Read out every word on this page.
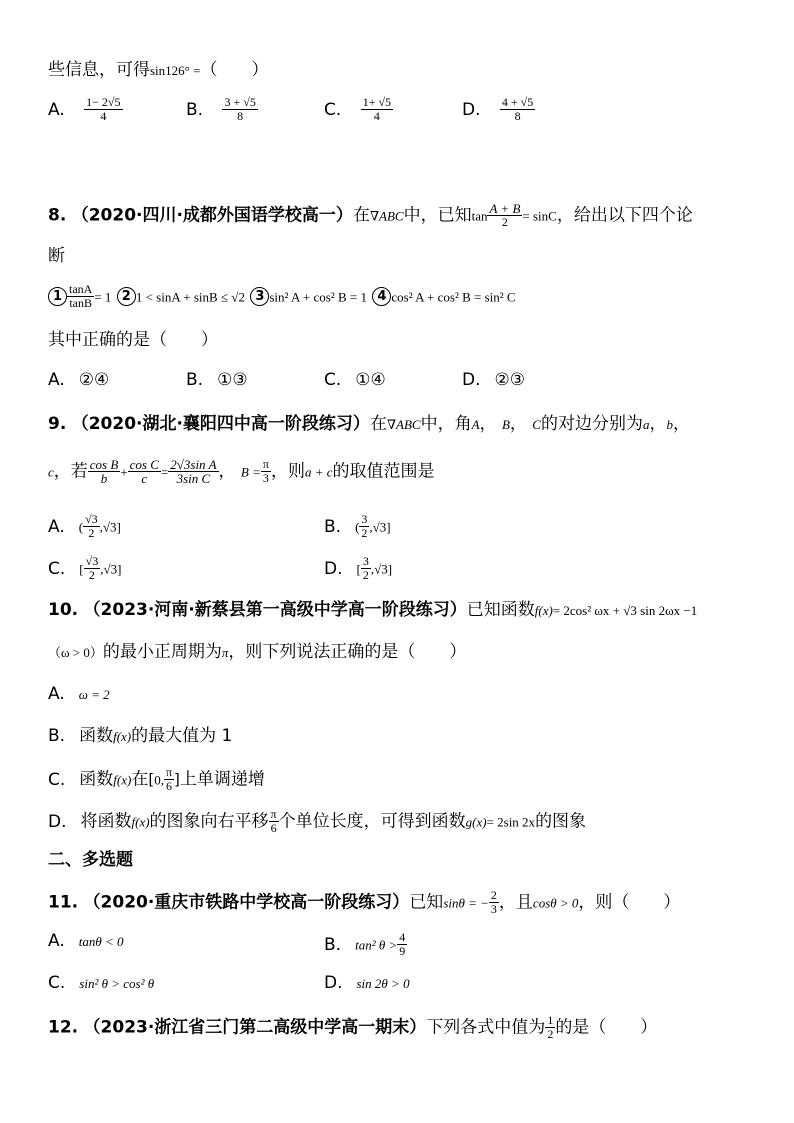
些信息，可得sin126° =（　　）
A. $\frac{1- 2√5}{4}$	B. $\frac{3 + √5}{8}$	C. $\frac{1+ √5}{4}$	D. $\frac{4 + √5}{8}$
8. （2020·四川·成都外国语学校高一）在∇ABC中，已知$\tan \frac{A + B}{2} = \sin C$，给出以下四个论
断
$1 \frac{\tan A}{\tan B} = 1$ 2 1 < sinA + sinB ≤ √2 3 sin² A + cos² B = 1 4 cos² A + cos² B = sin² C
其中正确的是（　　）
A. ②④	B. ①③	C. ①④	D. ②③
9. （2020·湖北·襄阳四中高一阶段练习）在∇ABC中，角A， B， C的对边分别为a，b，
c，若 $\frac{\text{cos B}}{b} + \frac{\text{cos C}}{c} = \frac{\text{2√3sin A}}{\text{3sin C}}$ ， $B = \frac{\pi}{3}$ ，则a + c的取值范围是
A. ( $\frac{√3}{2} ,√3$]	B. ( $\frac{3}{2} ,√3$]
C. [ $\frac{√3}{2} ,√3$]	D. [ $\frac{3}{2} ,√3$]
10. （2023·河南·新蔡县第一高级中学高一阶段练习）已知函数f(x)= 2cos² ωx + √3 sin 2ωx −1
（ω > 0）的最小正周期为π，则下列说法正确的是（　　）
A. ω = 2
B. 函数f(x)的最大值为 1
C. 函数f(x)在[0, $\frac{\pi}{6}$ ]上单调递增
D. 将函数f(x)的图象向右平移 $\frac{\pi}{6}$ 个单位长度，可得到函数g(x)= 2sin 2x的图象
二、多选题
11. （2020·重庆市铁路中学校高一阶段练习）已知sinθ = − $\frac{2}{3}$ ，且cosθ > 0，则（　　）
A. tanθ < 0	B. tan² $\theta > \frac{4}{9}$
C. sin² θ > cos² θ	D. sin 2θ > 0
12. （2023·浙江省三门第二高级中学高一期末）下列各式中值为 $\frac{1}{2}$ 的是（　　）
